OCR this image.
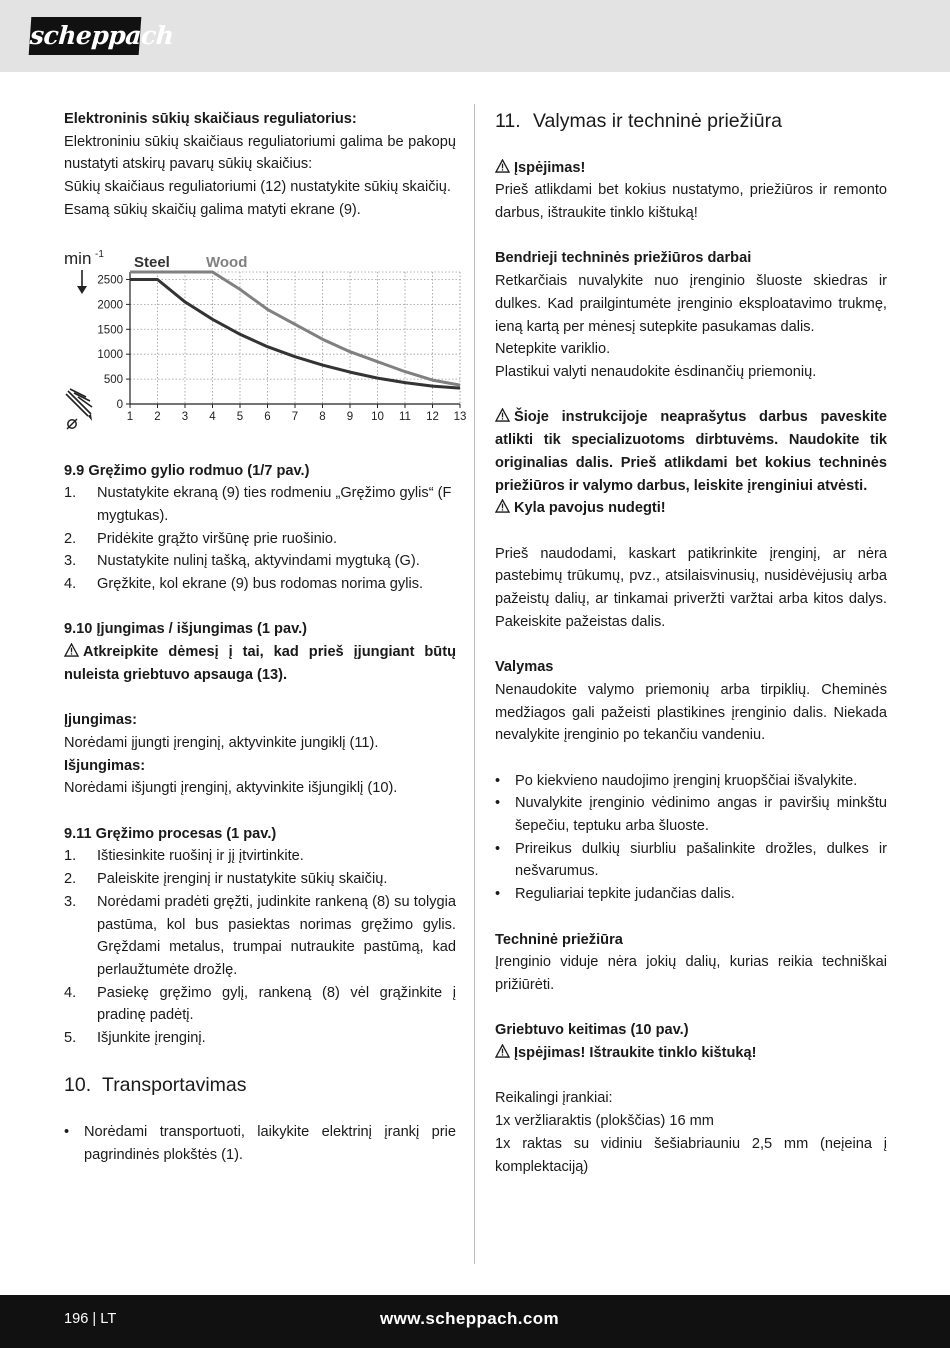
scheppach
Elektroninis sūkių skaičiaus reguliatorius:
Elektroniniu sūkių skaičiaus reguliatoriumi galima be pakopų nustatyti atskirų pavarų sūkių skaičius:
Sūkių skaičiaus reguliatoriumi (12) nustatykite sūkių skaičių.
Esamą sūkių skaičių galima matyti ekrane (9).
1 2 3 4 5 6 7 8 9 10 11 12 13
0
500
1000
1500
2000
2500
min -1 Steel Wood
9.9 Gręžimo gylio rodmuo (1/7 pav.)
1. Nustatykite ekraną (9) ties rodmeniu „Gręžimo gylis“ (F mygtukas).
2. Pridėkite grąžto viršūnę prie ruošinio.
3. Nustatykite nulinį tašką, aktyvindami mygtuką (G).
4. Gręžkite, kol ekrane (9) bus rodomas norima gylis.
9.10 Įjungimas / išjungimas (1 pav.)
Atkreipkite dėmesį į tai, kad prieš įjungiant būtų nuleista griebtuvo apsauga (13).
Įjungimas:
Norėdami įjungti įrenginį, aktyvinkite jungiklį (11).
Išjungimas:
Norėdami išjungti įrenginį, aktyvinkite išjungiklį (10).
9.11 Gręžimo procesas (1 pav.)
1. Ištiesinkite ruošinį ir jį įtvirtinkite.
2. Paleiskite įrenginį ir nustatykite sūkių skaičių.
3. Norėdami pradėti gręžti, judinkite rankeną (8) su tolygia pastūma, kol bus pasiektas norimas gręžimo gylis. Gręždami metalus, trumpai nutraukite pastūmą, kad perlaužtumėte drožlę.
4. Pasiekę gręžimo gylį, rankeną (8) vėl grąžinkite į pradinę padėtį.
5. Išjunkite įrenginį.
10. Transportavimas
• Norėdami transportuoti, laikykite elektrinį įrankį prie pagrindinės plokštės (1).
11. Valymas ir techninė priežiūra
Įspėjimas!
Prieš atlikdami bet kokius nustatymo, priežiūros ir remonto darbus, ištraukite tinklo kištuką!
Bendrieji techninės priežiūros darbai
Retkarčiais nuvalykite nuo įrenginio šluoste skiedras ir dulkes. Kad prailgintumėte įrenginio eksploatavimo trukmę, ieną kartą per mėnesį sutepkite pasukamas dalis.
Netepkite variklio.
Plastikui valyti nenaudokite ėsdinančių priemonių.
Šioje instrukcijoje neaprašytus darbus paveskite atlikti tik specializuotoms dirbtuvėms. Naudokite tik originalias dalis. Prieš atlikdami bet kokius techninės priežiūros ir valymo darbus, leiskite įrenginiui atvėsti.
Kyla pavojus nudegti!
Prieš naudodami, kaskart patikrinkite įrenginį, ar nėra pastebimų trūkumų, pvz., atsilaisvinusių, nusidėvėjusių arba pažeistų dalių, ar tinkamai priveržti varžtai arba kitos dalys. Pakeiskite pažeistas dalis.
Valymas
Nenaudokite valymo priemonių arba tirpiklių. Cheminės medžiagos gali pažeisti plastikines įrenginio dalis. Niekada nevalykite įrenginio po tekančiu vandeniu.
• Po kiekvieno naudojimo įrenginį kruopščiai išvalykite.
• Nuvalykite įrenginio vėdinimo angas ir paviršių minkštu šepečiu, teptuku arba šluoste.
• Prireikus dulkių siurbliu pašalinkite drožles, dulkes ir nešvarumus.
• Reguliariai tepkite judančias dalis.
Techninė priežiūra
Įrenginio viduje nėra jokių dalių, kurias reikia techniškai prižiūrėti.
Griebtuvo keitimas (10 pav.)
Įspėjimas! Ištraukite tinklo kištuką!
Reikalingi įrankiai:
1x veržliaraktis (plokščias) 16 mm
1x raktas su vidiniu šešiabriauniu 2,5 mm (neįeina į komplektaciją)
196 | LT	www.scheppach.com
